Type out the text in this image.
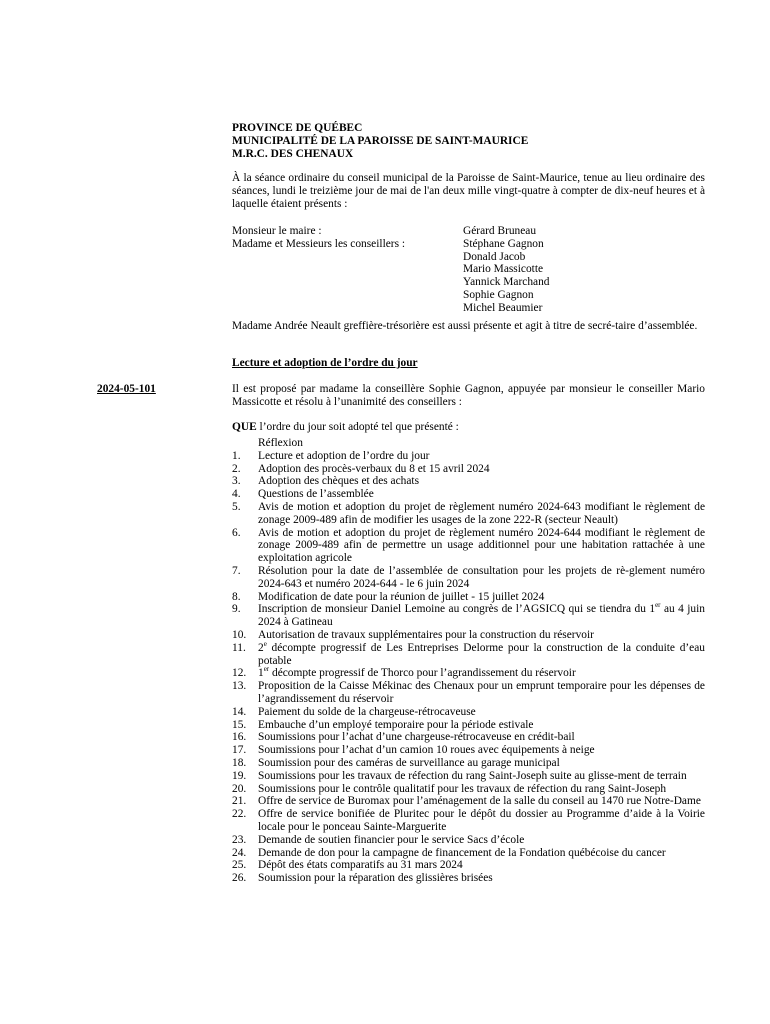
PROVINCE DE QUÉBEC
MUNICIPALITÉ DE LA PAROISSE DE SAINT-MAURICE
M.R.C. DES CHENAUX
À la séance ordinaire du conseil municipal de la Paroisse de Saint-Maurice, tenue au lieu ordinaire des séances, lundi le treizième jour de mai de l'an deux mille vingt-quatre à compter de dix-neuf heures et à laquelle étaient présents :
Monsieur le maire :	Gérard Bruneau
Madame et Messieurs les conseillers :	Stéphane Gagnon
Donald Jacob
Mario Massicotte
Yannick Marchand
Sophie Gagnon
Michel Beaumier
Madame Andrée Neault greffière-trésorière est aussi présente et agit à titre de secré-taire d’assemblée.
Lecture et adoption de l’ordre du jour
2024-05-101	Il est proposé par madame la conseillère Sophie Gagnon, appuyée par monsieur le conseiller Mario Massicotte et résolu à l’unanimité des conseillers :
QUE l’ordre du jour soit adopté tel que présenté :
Réflexion
1. Lecture et adoption de l’ordre du jour
2. Adoption des procès-verbaux du 8 et 15 avril 2024
3. Adoption des chèques et des achats
4. Questions de l’assemblée
5. Avis de motion et adoption du projet de règlement numéro 2024-643 modifiant le règlement de zonage 2009-489 afin de modifier les usages de la zone 222-R (secteur Neault)
6. Avis de motion et adoption du projet de règlement numéro 2024-644 modifiant le règlement de zonage 2009-489 afin de permettre un usage additionnel pour une habitation rattachée à une exploitation agricole
7. Résolution pour la date de l’assemblée de consultation pour les projets de rè-glement numéro 2024-643 et numéro 2024-644 - le 6 juin 2024
8. Modification de date pour la réunion de juillet - 15 juillet 2024
9. Inscription de monsieur Daniel Lemoine au congrès de l’AGSICQ qui se tiendra du 1er au 4 juin 2024 à Gatineau
10. Autorisation de travaux supplémentaires pour la construction du réservoir
11. 2e décompte progressif de Les Entreprises Delorme pour la construction de la conduite d’eau potable
12. 1er décompte progressif de Thorco pour l’agrandissement du réservoir
13. Proposition de la Caisse Mékinac des Chenaux pour un emprunt temporaire pour les dépenses de l’agrandissement du réservoir
14. Paiement du solde de la chargeuse-rétrocaveuse
15. Embauche d’un employé temporaire pour la période estivale
16. Soumissions pour l’achat d’une chargeuse-rétrocaveuse en crédit-bail
17. Soumissions pour l’achat d’un camion 10 roues avec équipements à neige
18. Soumission pour des caméras de surveillance au garage municipal
19. Soumissions pour les travaux de réfection du rang Saint-Joseph suite au glisse-ment de terrain
20. Soumissions pour le contrôle qualitatif pour les travaux de réfection du rang Saint-Joseph
21. Offre de service de Buromax pour l’aménagement de la salle du conseil au 1470 rue Notre-Dame
22. Offre de service bonifiée de Pluritec pour le dépôt du dossier au Programme d’aide à la Voirie locale pour le ponceau Sainte-Marguerite
23. Demande de soutien financier pour le service Sacs d’école
24. Demande de don pour la campagne de financement de la Fondation québécoise du cancer
25. Dépôt des états comparatifs au 31 mars 2024
26. Soumission pour la réparation des glissières brisées
